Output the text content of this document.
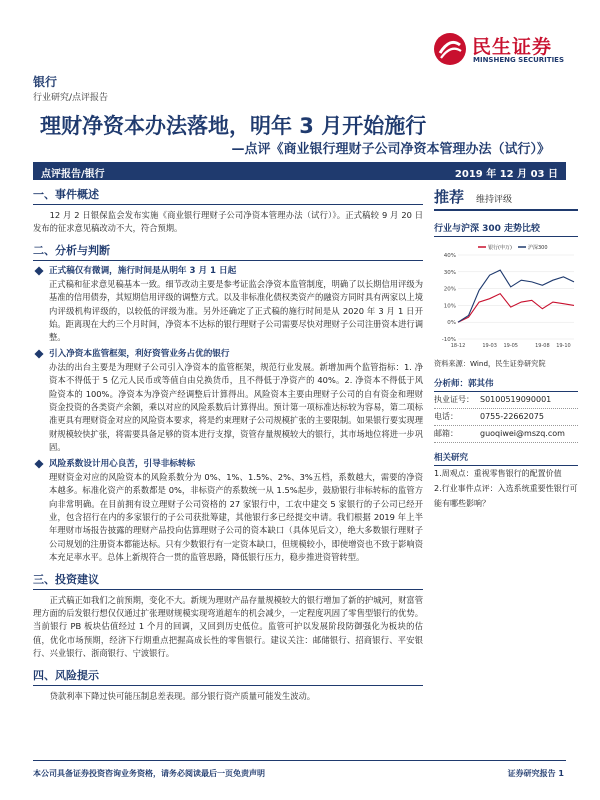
民生证券
MINSHENG SECURITIES
银行
行业研究/点评报告
理财净资本办法落地，明年 3 月开始施行
—点评《商业银行理财子公司净资本管理办法（试行）》
点评报告/银行	2019 年 12 月 03 日
一、事件概述

12 月 2 日银保监会发布实施《商业银行理财子公司净资本管理办法（试行）》。正式稿较 9 月 20 日发布的征求意见稿改动不大，符合预期。

二、分析与判断
正式稿仅有微调，施行时间是从明年 3 月 1 日起

正式稿和征求意见稿基本一致。细节改动主要是参考证监会净资本监管制度，明确了以长期信用评级为基准的信用债券，其短期信用评级的调整方式。以及非标准化债权类资产的融资方同时具有两家以上境内评级机构评级的，以较低的评级为准。另外还确定了正式稿的施行时间是从 2020 年 3 月 1 日开始。距离现在大约三个月时间，净资本不达标的银行理财子公司需要尽快对理财子公司注册资本进行调整。

引入净资本监管框架，利好资管业务占优的银行

办法的出台主要是为理财子公司引入净资本的监管框架，规范行业发展。新增加两个监管指标：1. 净资本不得低于 5 亿元人民币或等值自由兑换货币，且不得低于净资产的 40%。2. 净资本不得低于风险资本的 100%。净资本为净资产经调整后计算得出。风险资本主要由理财子公司的自有资金和理财资金投资的各类资产余额，乘以对应的风险系数后计算得出。预计第一项标准达标较为容易，第二项标准更具有理财资金对应的风险资本要求，将是约束理财子公司规模扩张的主要限制。如果银行要实现理财规模较快扩张，将需要具备足够的资本进行支撑，资管存量规模较大的银行，其市场地位将进一步巩固。

风险系数设计用心良苦，引导非标转标

理财资金对应的风险资本的风险系数分为 0%、1%、1.5%、2%、3%五档，系数越大，需要的净资本越多。标准化资产的系数都是 0%，非标资产的系数统一从 1.5%起步，鼓励银行非标转标的监管方向非常明确。在目前拥有设立理财子公司资格的 27 家银行中，工农中建交 5 家银行的子公司已经开业，包含招行在内的多家银行的子公司获批筹建，其他银行多已经提交申请。我们根据 2019 年上半年理财市场报告披露的理财产品投向估算理财子公司的资本缺口（具体见后文），绝大多数银行理财子公司规划的注册资本都能达标。只有少数银行有一定资本缺口，但规模较小，即使增资也不致于影响资本充足率水平。总体上新规符合一贯的监管思路，降低银行压力，稳步推进资管转型。

三、投资建议

正式稿正如我们之前预期，变化不大。新规为理财产品存量规模较大的银行增加了新的护城河，财富管理方面的后发银行想仅仅通过扩张理财规模实现弯道超车的机会减少，一定程度巩固了零售型银行的优势。当前银行 PB 板块估值经过 1 个月的回调，又回到历史低位。监管可护以发展阶段防御强化为板块的估值，优化市场预期，经济下行期重点把握高成长性的零售银行。建议关注：邮储银行、招商银行、平安银行、兴业银行、浙商银行、宁波银行。

四、风险提示

贷款利率下降过快可能压制息差表现。部分银行资产质量可能发生波动。

推荐 维持评级
行业与沪深 300 走势比较
40%
30%
20%
10%
0%
-10%
18-12	19-03 19-05	19-08 19-10
银行(申万)	沪深300
资料来源：Wind，民生证券研究院
分析师：郭其伟
执业证号： S0100519090001
电话：	0755-22662075
邮箱：	guoqiwei@mszq.com
相关研究
1.周观点：重视零售银行的配置价值
2.行业事件点评：入选系统重要性银行可能有哪些影响？
本公司具备证券投资咨询业务资格，请务必阅读最后一页免责声明	证券研究报告 1
